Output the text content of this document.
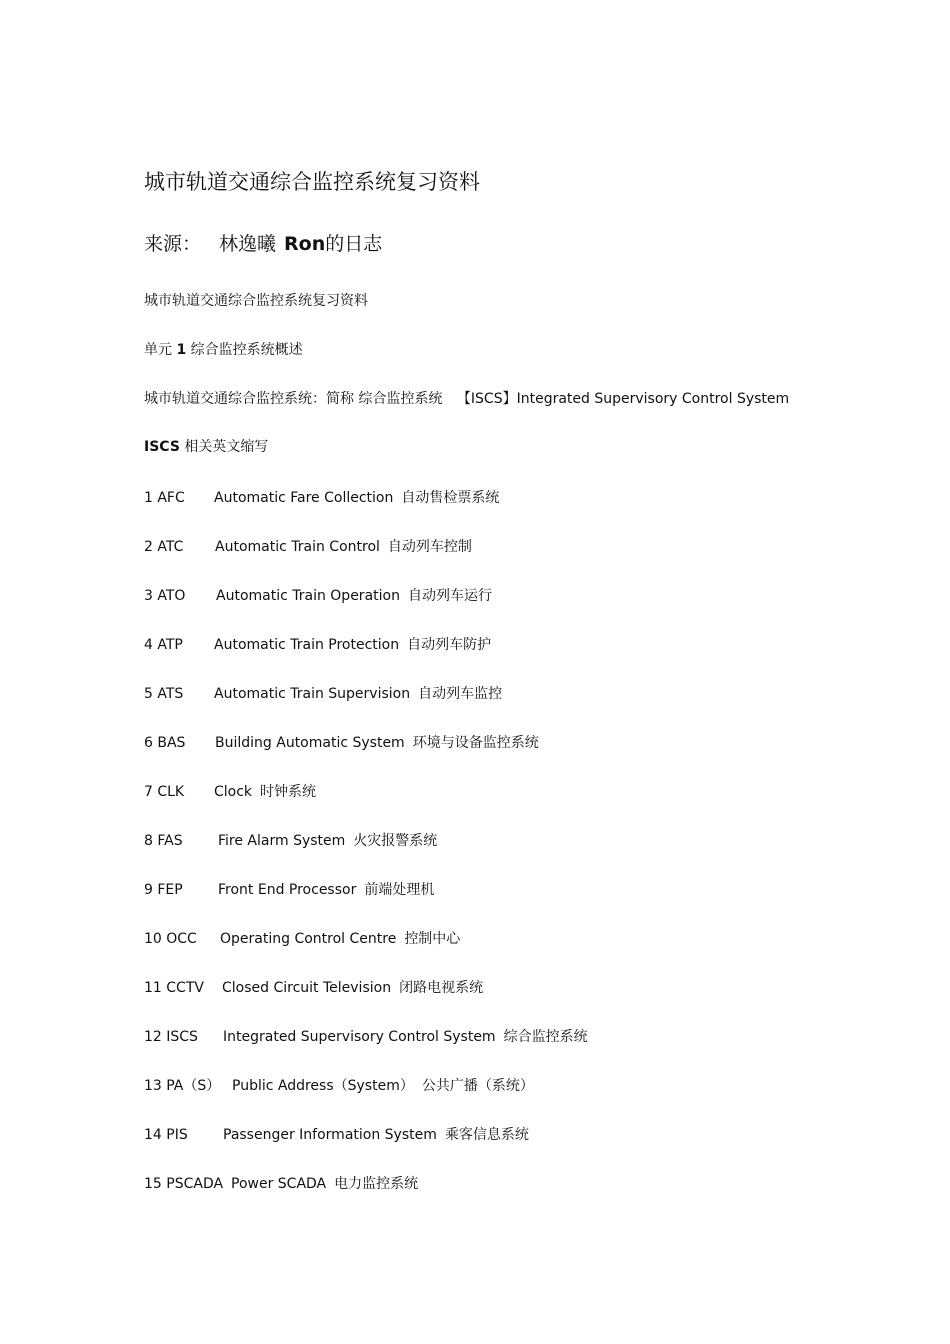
城市轨道交通综合监控系统复习资料
来源： 林逸曦 Ron的日志
城市轨道交通综合监控系统复习资料
单元 1 综合监控系统概述
城市轨道交通综合监控系统：简称 综合监控系统 【ISCS】Integrated Supervisory Control System
ISCS 相关英文缩写
1 AFC Automatic Fare Collection 自动售检票系统
2 ATC Automatic Train Control 自动列车控制
3 ATO Automatic Train Operation 自动列车运行
4 ATP Automatic Train Protection 自动列车防护
5 ATS Automatic Train Supervision 自动列车监控
6 BAS Building Automatic System 环境与设备监控系统
7 CLK Clock 时钟系统
8 FAS	Fire Alarm System 火灾报警系统
9 FEP	Front End Processor 前端处理机
10 OCC Operating Control Centre 控制中心
11 CCTV Closed Circuit Television 闭路电视系统
12 ISCS Integrated Supervisory Control System 综合监控系统
13 PA（S） Public Address（System） 公共广播（系统）
14 PIS	Passenger Information System 乘客信息系统
15 PSCADA Power SCADA 电力监控系统
